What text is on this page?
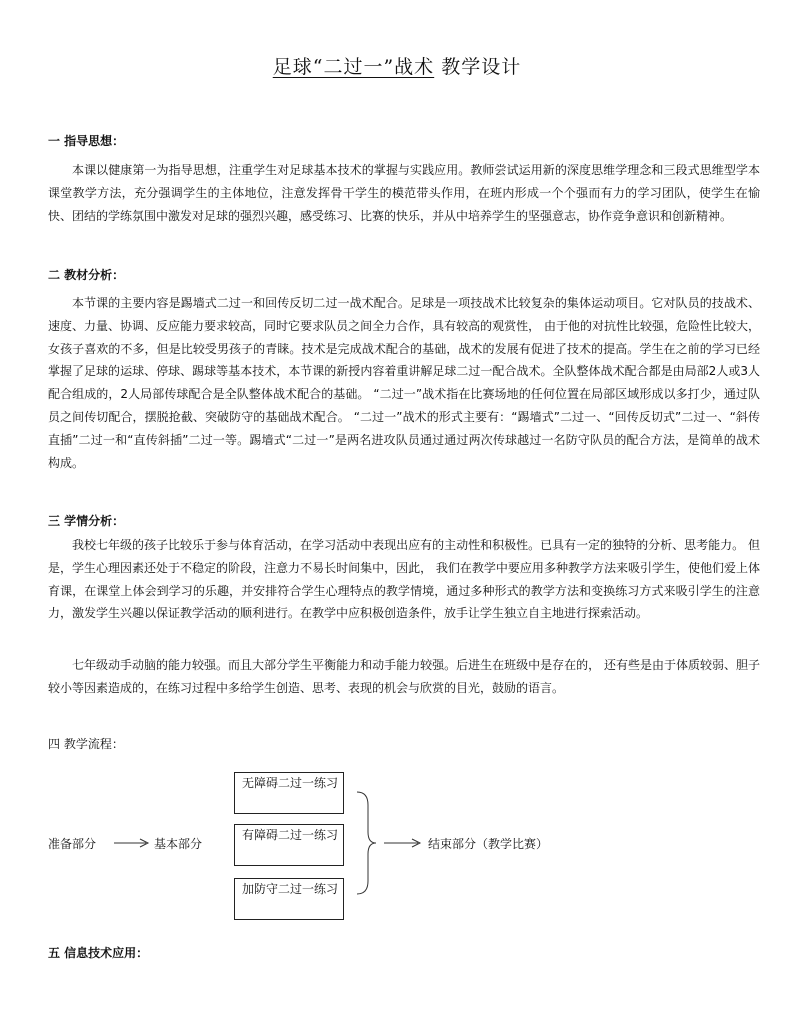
足球“二过一”战术 教学设计

一 指导思想：

本课以健康第一为指导思想，注重学生对足球基本技术的掌握与实践应用。教师尝试运用新的深度思维学理念和三段式思维型学本课堂教学方法，充分强调学生的主体地位，注意发挥骨干学生的模范带头作用，在班内形成一个个强而有力的学习团队，使学生在愉快、团结的学练氛围中激发对足球的强烈兴趣，感受练习、比赛的快乐，并从中培养学生的坚强意志，协作竞争意识和创新精神。

二 教材分析：

本节课的主要内容是踢墙式二过一和回传反切二过一战术配合。足球是一项技战术比较复杂的集体运动项目。它对队员的技战术、速度、力量、协调、反应能力要求较高，同时它要求队员之间全力合作，具有较高的观赏性， 由于他的对抗性比较强，危险性比较大，女孩子喜欢的不多，但是比较受男孩子的青睐。技术是完成战术配合的基础，战术的发展有促进了技术的提高。学生在之前的学习已经掌握了足球的运球、停球、踢球等基本技术，本节课的新授内容着重讲解足球二过一配合战术。全队整体战术配合都是由局部2人或3人配合组成的，2人局部传球配合是全队整体战术配合的基础。 “二过一”战术指在比赛场地的任何位置在局部区域形成以多打少，通过队员之间传切配合，摆脱抢截、突破防守的基础战术配合。 “二过一”战术的形式主要有：“踢墙式”二过一、“回传反切式”二过一、“斜传直插”二过一和“直传斜插”二过一等。踢墙式“二过一”是两名进攻队员通过通过两次传球越过一名防守队员的配合方法，是简单的战术构成。

三 学情分析：

我校七年级的孩子比较乐于参与体育活动，在学习活动中表现出应有的主动性和积极性。已具有一定的独特的分析、思考能力。 但是，学生心理因素还处于不稳定的阶段，注意力不易长时间集中，因此， 我们在教学中要应用多种教学方法来吸引学生，使他们爱上体育课，在课堂上体会到学习的乐趣，并安排符合学生心理特点的教学情境，通过多种形式的教学方法和变换练习方式来吸引学生的注意力，激发学生兴趣以保证教学活动的顺利进行。在教学中应积极创造条件，放手让学生独立自主地进行探索活动。

七年级动手动脑的能力较强。而且大部分学生平衡能力和动手能力较强。后进生在班级中是存在的， 还有些是由于体质较弱、胆子较小等因素造成的，在练习过程中多给学生创造、思考、表现的机会与欣赏的目光，鼓励的语言。

四 教学流程：

准备部分	基本部分
无障碍二过一练习
有障碍二过一练习
加防守二过一练习
结束部分（教学比赛）

五 信息技术应用：
